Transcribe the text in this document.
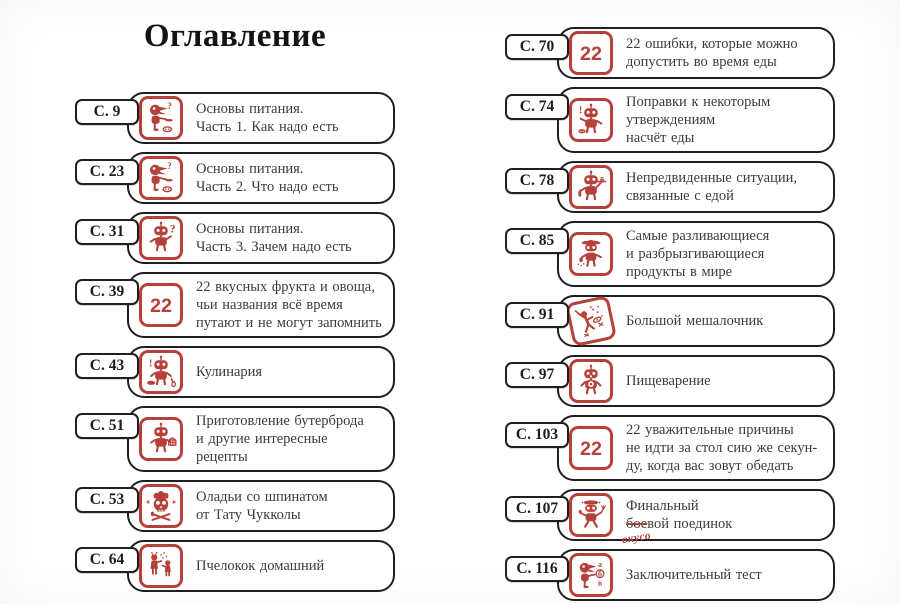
Оглавление
С. 9	Основы питания.
Часть 1. Как надо есть
С. 23	Основы питания.
Часть 2. Что надо есть
С. 31	Основы питания.
Часть 3. Зачем надо есть
С. 39	22 вкусных фрукта и овоща,
чьи названия всё время
путают и не могут запомнить
С. 43	Кулинария
С. 51	Приготовление бутерброда
и другие интересные
рецепты
С. 53	Оладьи со шпинатом
от Тату Чукколы
С. 64	Пчелокок домашний
С. 70	22 ошибки, которые можно
допустить во время еды
С. 74	Поправки к некоторым
утверждениям
насчёт еды
С. 78	Непредвиденные ситуации,
связанные с едой
С. 85	Самые разливающиеся
и разбрызгивающиеся
продукты в мире
С. 91	Большой мешалочник
С. 97	Пищеварение
С. 103	22 уважительные причины
не идти за стол сию же секун-
ду, когда вас зовут обедать
С. 107	Финальный
боевой поединок
вкусо
С. 116	Заключительный тест
